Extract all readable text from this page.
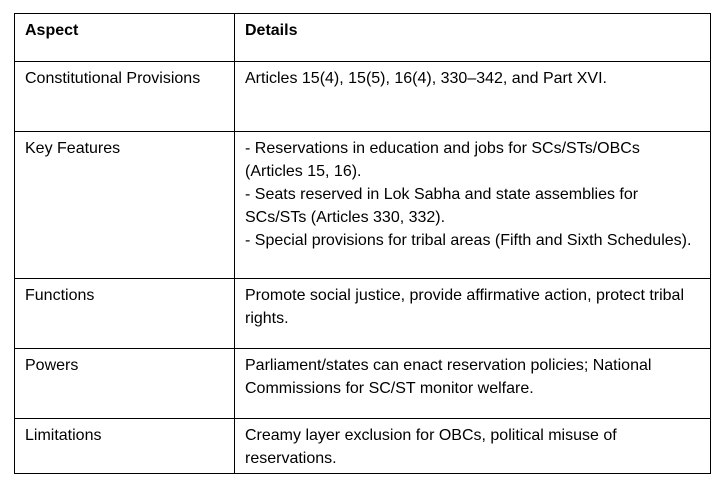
Aspect	Details
Constitutional Provisions	Articles 15(4), 15(5), 16(4), 330–342, and Part XVI.

Key Features	- Reservations in education and jobs for SCs/STs/OBCs (Articles 15, 16).
- Seats reserved in Lok Sabha and state assemblies for SCs/STs (Articles 330, 332).
- Special provisions for tribal areas (Fifth and Sixth Schedules).

Functions	Promote social justice, provide affirmative action, protect tribal rights.

Powers	Parliament/states can enact reservation policies; National Commissions for SC/ST monitor welfare.

Limitations	Creamy layer exclusion for OBCs, political misuse of reservations.
